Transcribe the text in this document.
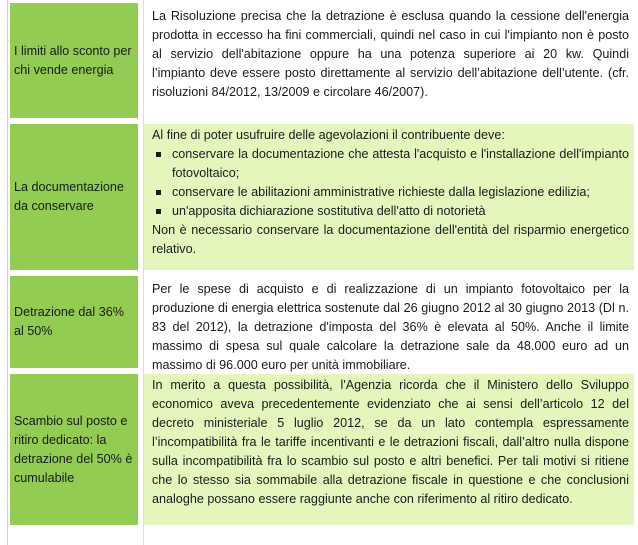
I limiti allo sconto per chi vende energia

La Risoluzione precisa che la detrazione è esclusa quando la cessione dell'energia prodotta in eccesso ha fini commerciali, quindi nel caso in cui l'impianto non è posto al servizio dell'abitazione oppure ha una potenza superiore ai 20 kw. Quindi l’impianto deve essere posto direttamente al servizio dell’abitazione dell’utente. (cfr. risoluzioni 84/2012, 13/2009 e circolare 46/2007).

La documentazione da conservare

Al fine di poter usufruire delle agevolazioni il contribuente deve:

conservare la documentazione che attesta l'acquisto e l'installazione dell'impianto fotovoltaico;
conservare le abilitazioni amministrative richieste dalla legislazione edilizia;
un'apposita dichiarazione sostitutiva dell'atto di notorietà

Non è necessario conservare la documentazione dell'entità del risparmio energetico relativo.

Detrazione dal 36% al 50%

Per le spese di acquisto e di realizzazione di un impianto fotovoltaico per la produzione di energia elettrica sostenute dal 26 giugno 2012 al 30 giugno 2013 (Dl n. 83 del 2012), la detrazione d'imposta del 36% è elevata al 50%. Anche il limite massimo di spesa sul quale calcolare la detrazione sale da 48.000 euro ad un massimo di 96.000 euro per unità immobiliare.

Scambio sul posto e ritiro dedicato: la detrazione del 50% è cumulabile

In merito a questa possibilità, l'Agenzia ricorda che il Ministero dello Sviluppo economico aveva precedentemente evidenziato che ai sensi dell’articolo 12 del decreto ministeriale 5 luglio 2012, se da un lato contempla espressamente l’incompatibilità fra le tariffe incentivanti e le detrazioni fiscali, dall’altro nulla dispone sulla incompatibilità fra lo scambio sul posto e altri benefici. Per tali motivi si ritiene che lo stesso sia sommabile alla detrazione fiscale in questione e che conclusioni analoghe possano essere raggiunte anche con riferimento al ritiro dedicato.
